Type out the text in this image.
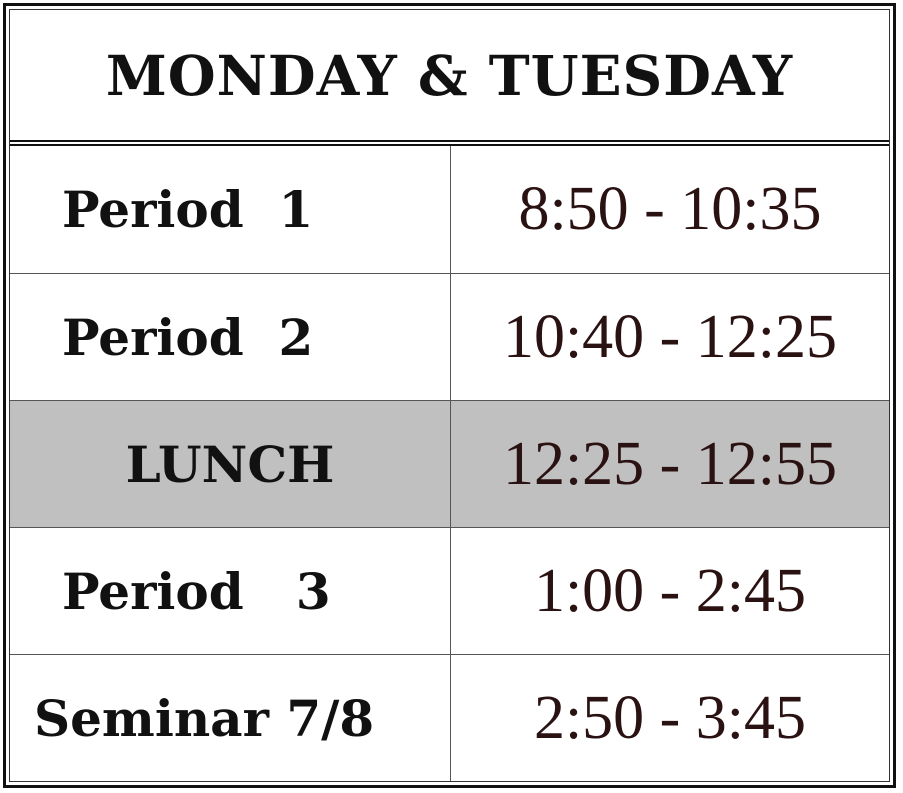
MONDAY & TUESDAY
Period  1	8:50 - 10:35
Period  2	10:40 - 12:25
LUNCH	12:25 - 12:55
Period   3	1:00 - 2:45
Seminar 7/8	2:50 - 3:45
